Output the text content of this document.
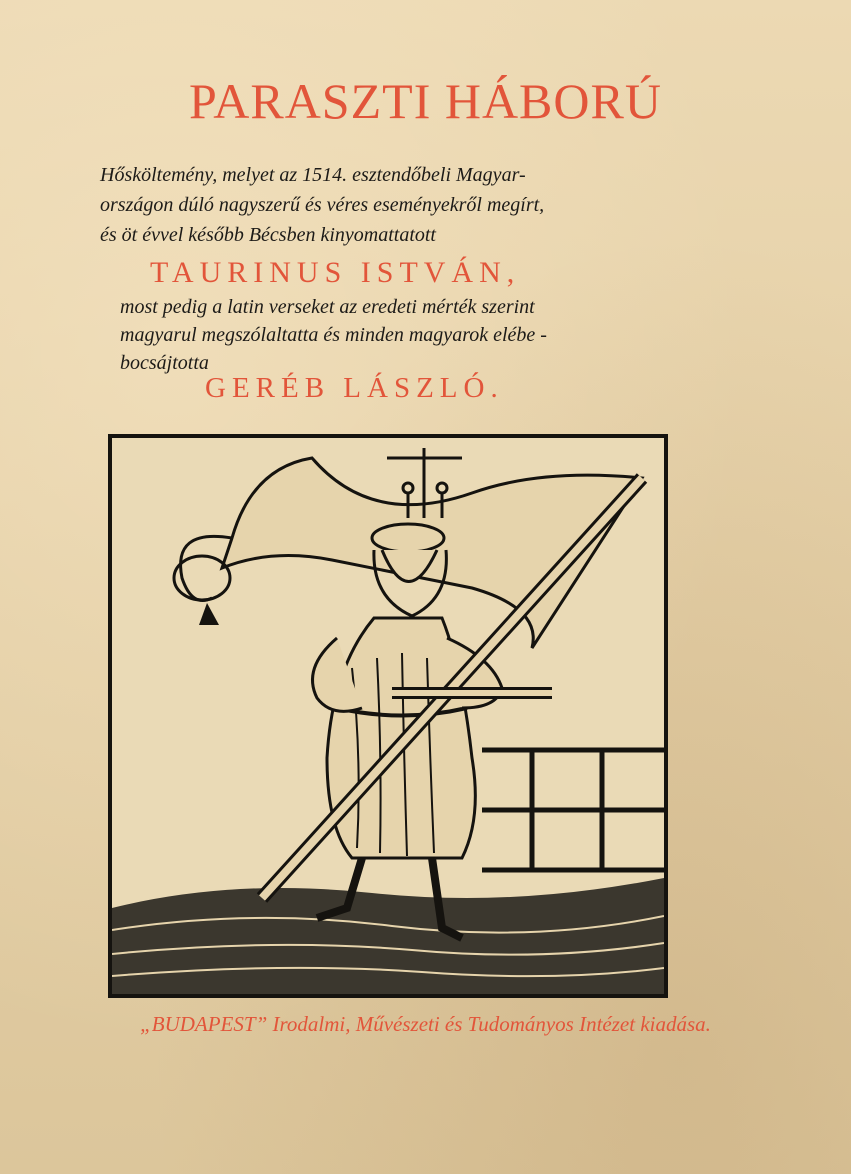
PARASZTI HÁBORÚ
Hősköltemény, melyet az 1514. esztendőbeli Magyar-
országon dúló nagyszerű és véres eseményekről megírt,
és öt évvel később Bécsben kinyomattatott
TAURINUS ISTVÁN,
most pedig a latin verseket az eredeti mérték szerint
magyarul megszólaltatta és minden magyarok elébe -
bocsájtotta
GERÉB LÁSZLÓ.
„BUDAPEST” Irodalmi, Művészeti és Tudományos Intézet kiadása.
